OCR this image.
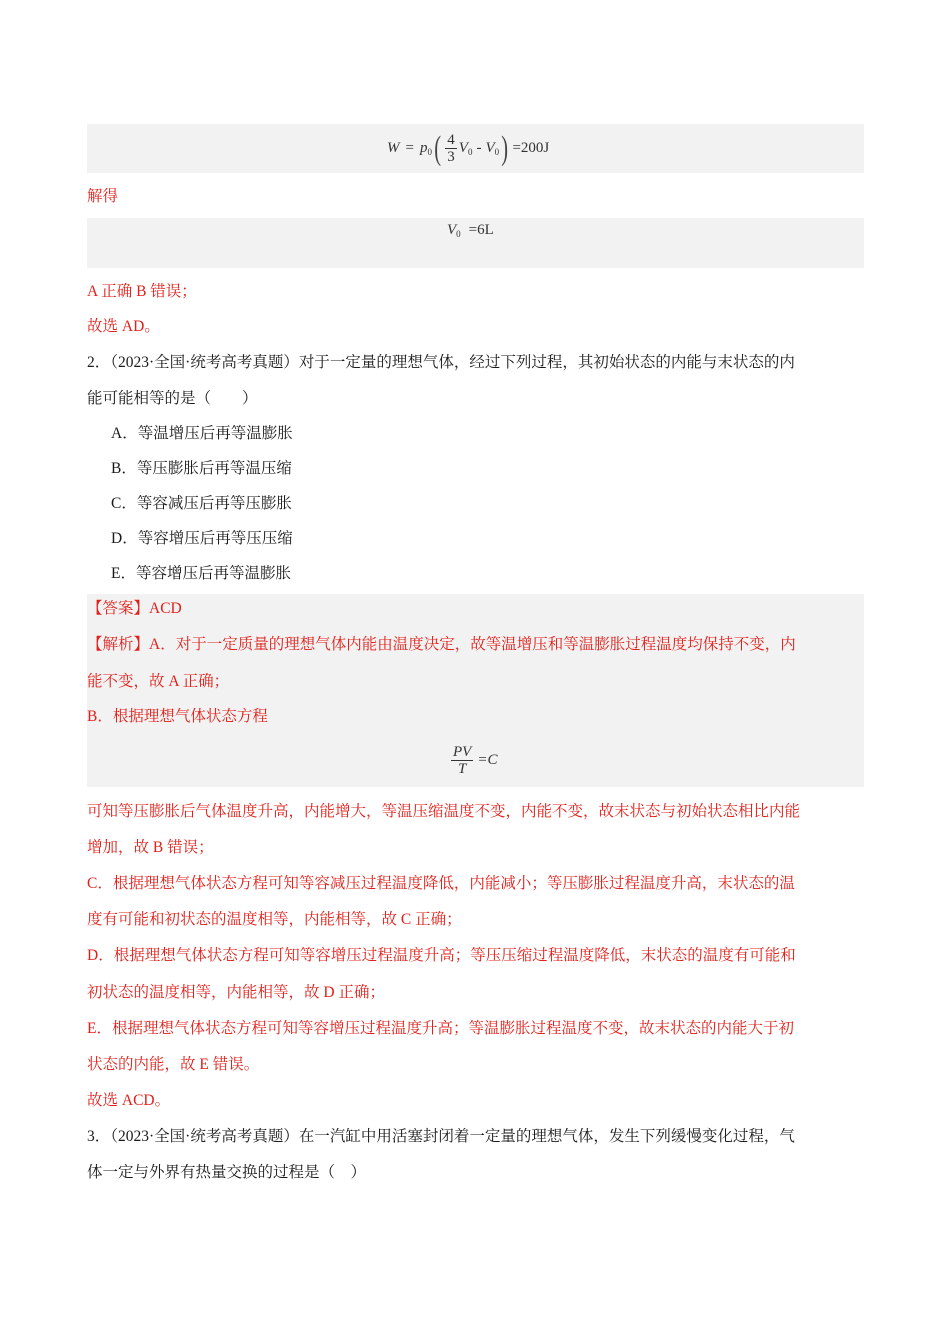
$W = p_0$ ( $\frac{4}{3} V_0 - V_0$ ) =200J
解得
$V_0 =6L$
A 正确 B 错误；
故选 AD。
2．（2023·全国·统考高考真题）对于一定量的理想气体，经过下列过程，其初始状态的内能与末状态的内
能可能相等的是（　　）
A．等温增压后再等温膨胀
B．等压膨胀后再等温压缩
C．等容减压后再等压膨胀
D．等容增压后再等压压缩
E．等容增压后再等温膨胀
【答案】ACD
【解析】A．对于一定质量的理想气体内能由温度决定，故等温增压和等温膨胀过程温度均保持不变，内
能不变，故 A 正确；
B．根据理想气体状态方程
$\frac{PV}{T} =C$
可知等压膨胀后气体温度升高，内能增大，等温压缩温度不变，内能不变，故末状态与初始状态相比内能
增加，故 B 错误；
C．根据理想气体状态方程可知等容减压过程温度降低，内能减小；等压膨胀过程温度升高，末状态的温
度有可能和初状态的温度相等，内能相等，故 C 正确；
D．根据理想气体状态方程可知等容增压过程温度升高；等压压缩过程温度降低，末状态的温度有可能和
初状态的温度相等，内能相等，故 D 正确；
E．根据理想气体状态方程可知等容增压过程温度升高；等温膨胀过程温度不变，故末状态的内能大于初
状态的内能，故 E 错误。
故选 ACD。
3．（2023·全国·统考高考真题）在一汽缸中用活塞封闭着一定量的理想气体，发生下列缓慢变化过程，气
体一定与外界有热量交换的过程是（　）
